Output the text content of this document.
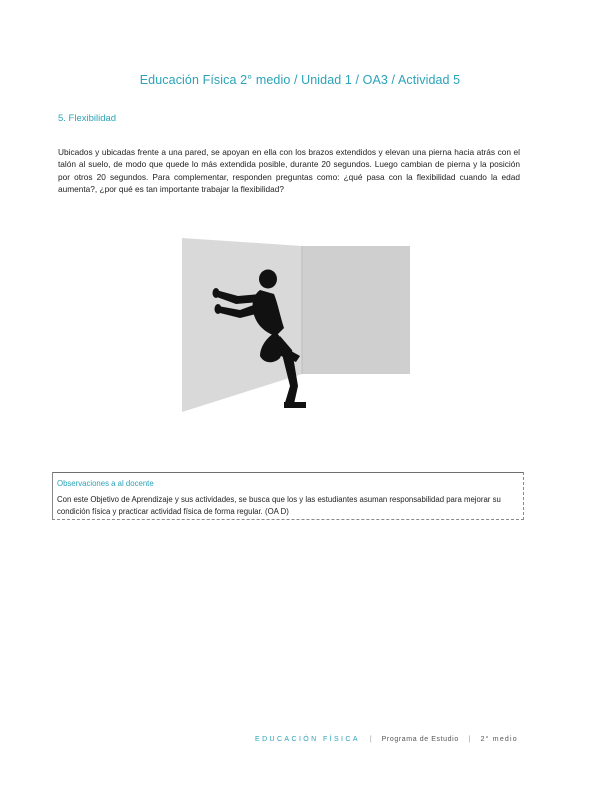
Educación Física 2° medio / Unidad 1 / OA3 / Actividad 5
5. Flexibilidad
Ubicados y ubicadas frente a una pared, se apoyan en ella con los brazos extendidos y elevan una pierna hacia atrás con el talón al suelo, de modo que quede lo más extendida posible, durante 20 segundos. Luego cambian de pierna y la posición por otros 20 segundos. Para complementar, responden preguntas como: ¿qué pasa con la flexibilidad cuando la edad aumenta?, ¿por qué es tan importante trabajar la flexibilidad?
Observaciones a al docente
Con este Objetivo de Aprendizaje y sus actividades, se busca que los y las estudiantes asuman responsabilidad para mejorar su condición física y practicar actividad física de forma regular. (OA D)
EDUCACIÓN FÍSICA | Programa de Estudio | 2° medio
